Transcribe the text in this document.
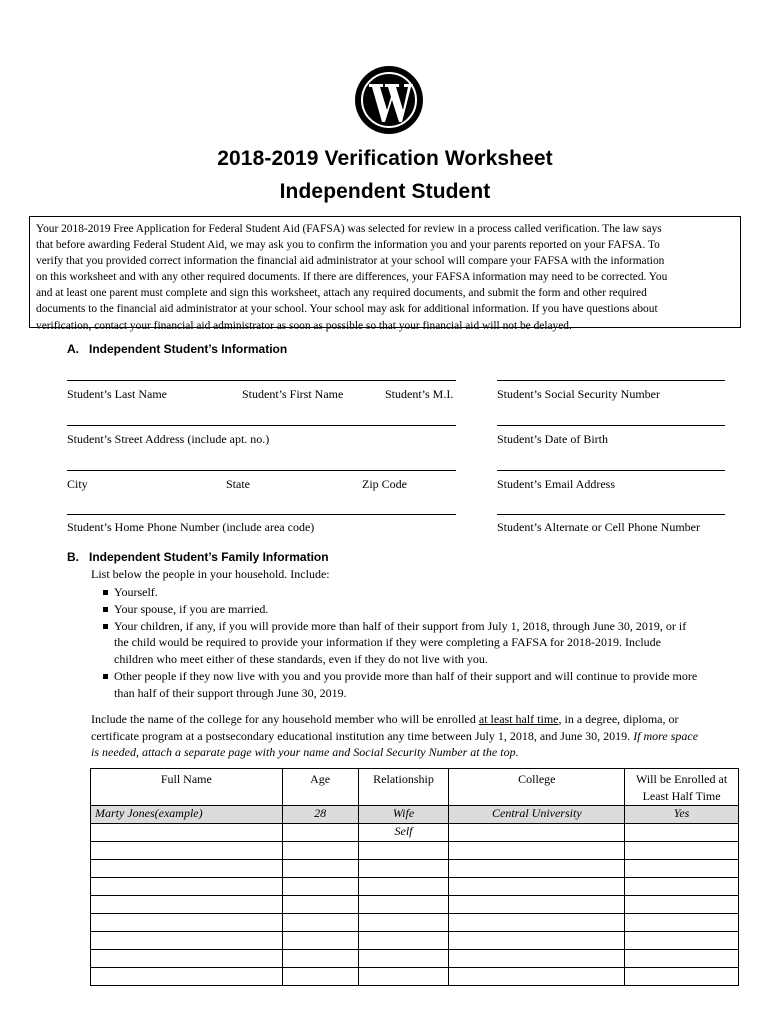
2018-2019 Verification Worksheet
Independent Student

Your 2018-2019 Free Application for Federal Student Aid (FAFSA) was selected for review in a process called verification. The law says

that before awarding Federal Student Aid, we may ask you to confirm the information you and your parents reported on your FAFSA. To

verify that you provided correct information the financial aid administrator at your school will compare your FAFSA with the information

on this worksheet and with any other required documents. If there are differences, your FAFSA information may need to be corrected. You

and at least one parent must complete and sign this worksheet, attach any required documents, and submit the form and other required

documents to the financial aid administrator at your school. Your school may ask for additional information. If you have questions about

verification, contact your financial aid administrator as soon as possible so that your financial aid will not be delayed.

A. Independent Student’s Information
Student’s Last Name	Student’s First Name	Student’s M.I.	Student’s Social Security Number
Student’s Street Address (include apt. no.)	Student’s Date of Birth
City	State	Zip Code	Student’s Email Address
Student’s Home Phone Number (include area code)	Student’s Alternate or Cell Phone Number
B. Independent Student’s Family Information
List below the people in your household. Include:
Yourself.
Your spouse, if you are married.
Your children, if any, if you will provide more than half of their support from July 1, 2018, through June 30, 2019, or if
the child would be required to provide your information if they were completing a FAFSA for 2018-2019. Include
children who meet either of these standards, even if they do not live with you.
Other people if they now live with you and you provide more than half of their support and will continue to provide more
than half of their support through June 30, 2019.
Include the name of the college for any household member who will be enrolled at least half time, in a degree, diploma, or
certificate program at a postsecondary educational institution any time between July 1, 2018, and June 30, 2019. If more space
is needed, attach a separate page with your name and Social Security Number at the top.
Full Name	Age	Relationship	College	Will be Enrolled at
Least Half Time
Marty Jones(example)	28	Wife	Central University	Yes
		Self		
